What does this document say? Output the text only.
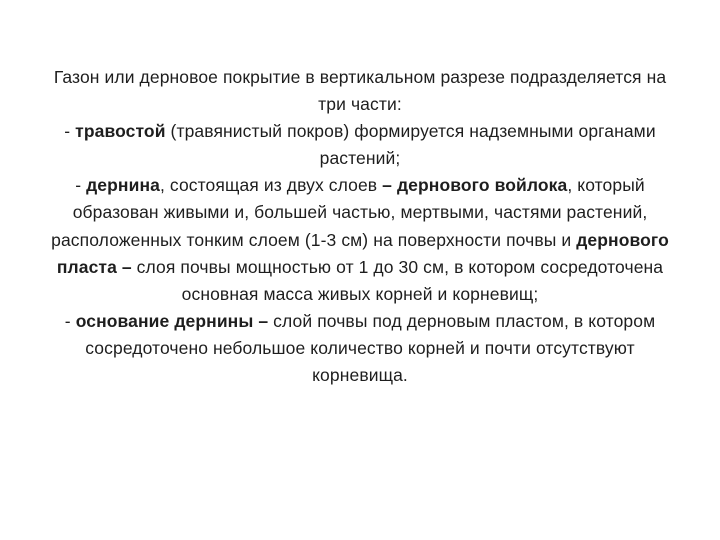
Газон или дерновое покрытие в вертикальном разрезе подразделяется на три части:

- травостой (травянистый покров) формируется надземными органами растений;

- дернина, состоящая из двух слоев – дернового войлока, который образован живыми и, большей частью, мертвыми, частями растений, расположенных тонким слоем (1-3 см) на поверхности почвы и дернового пласта – слоя почвы мощностью от 1 до 30 см, в котором сосредоточена основная масса живых корней и корневищ;

- основание дернины – слой почвы под дерновым пластом, в котором сосредоточено небольшое количество корней и почти отсутствуют корневища.
